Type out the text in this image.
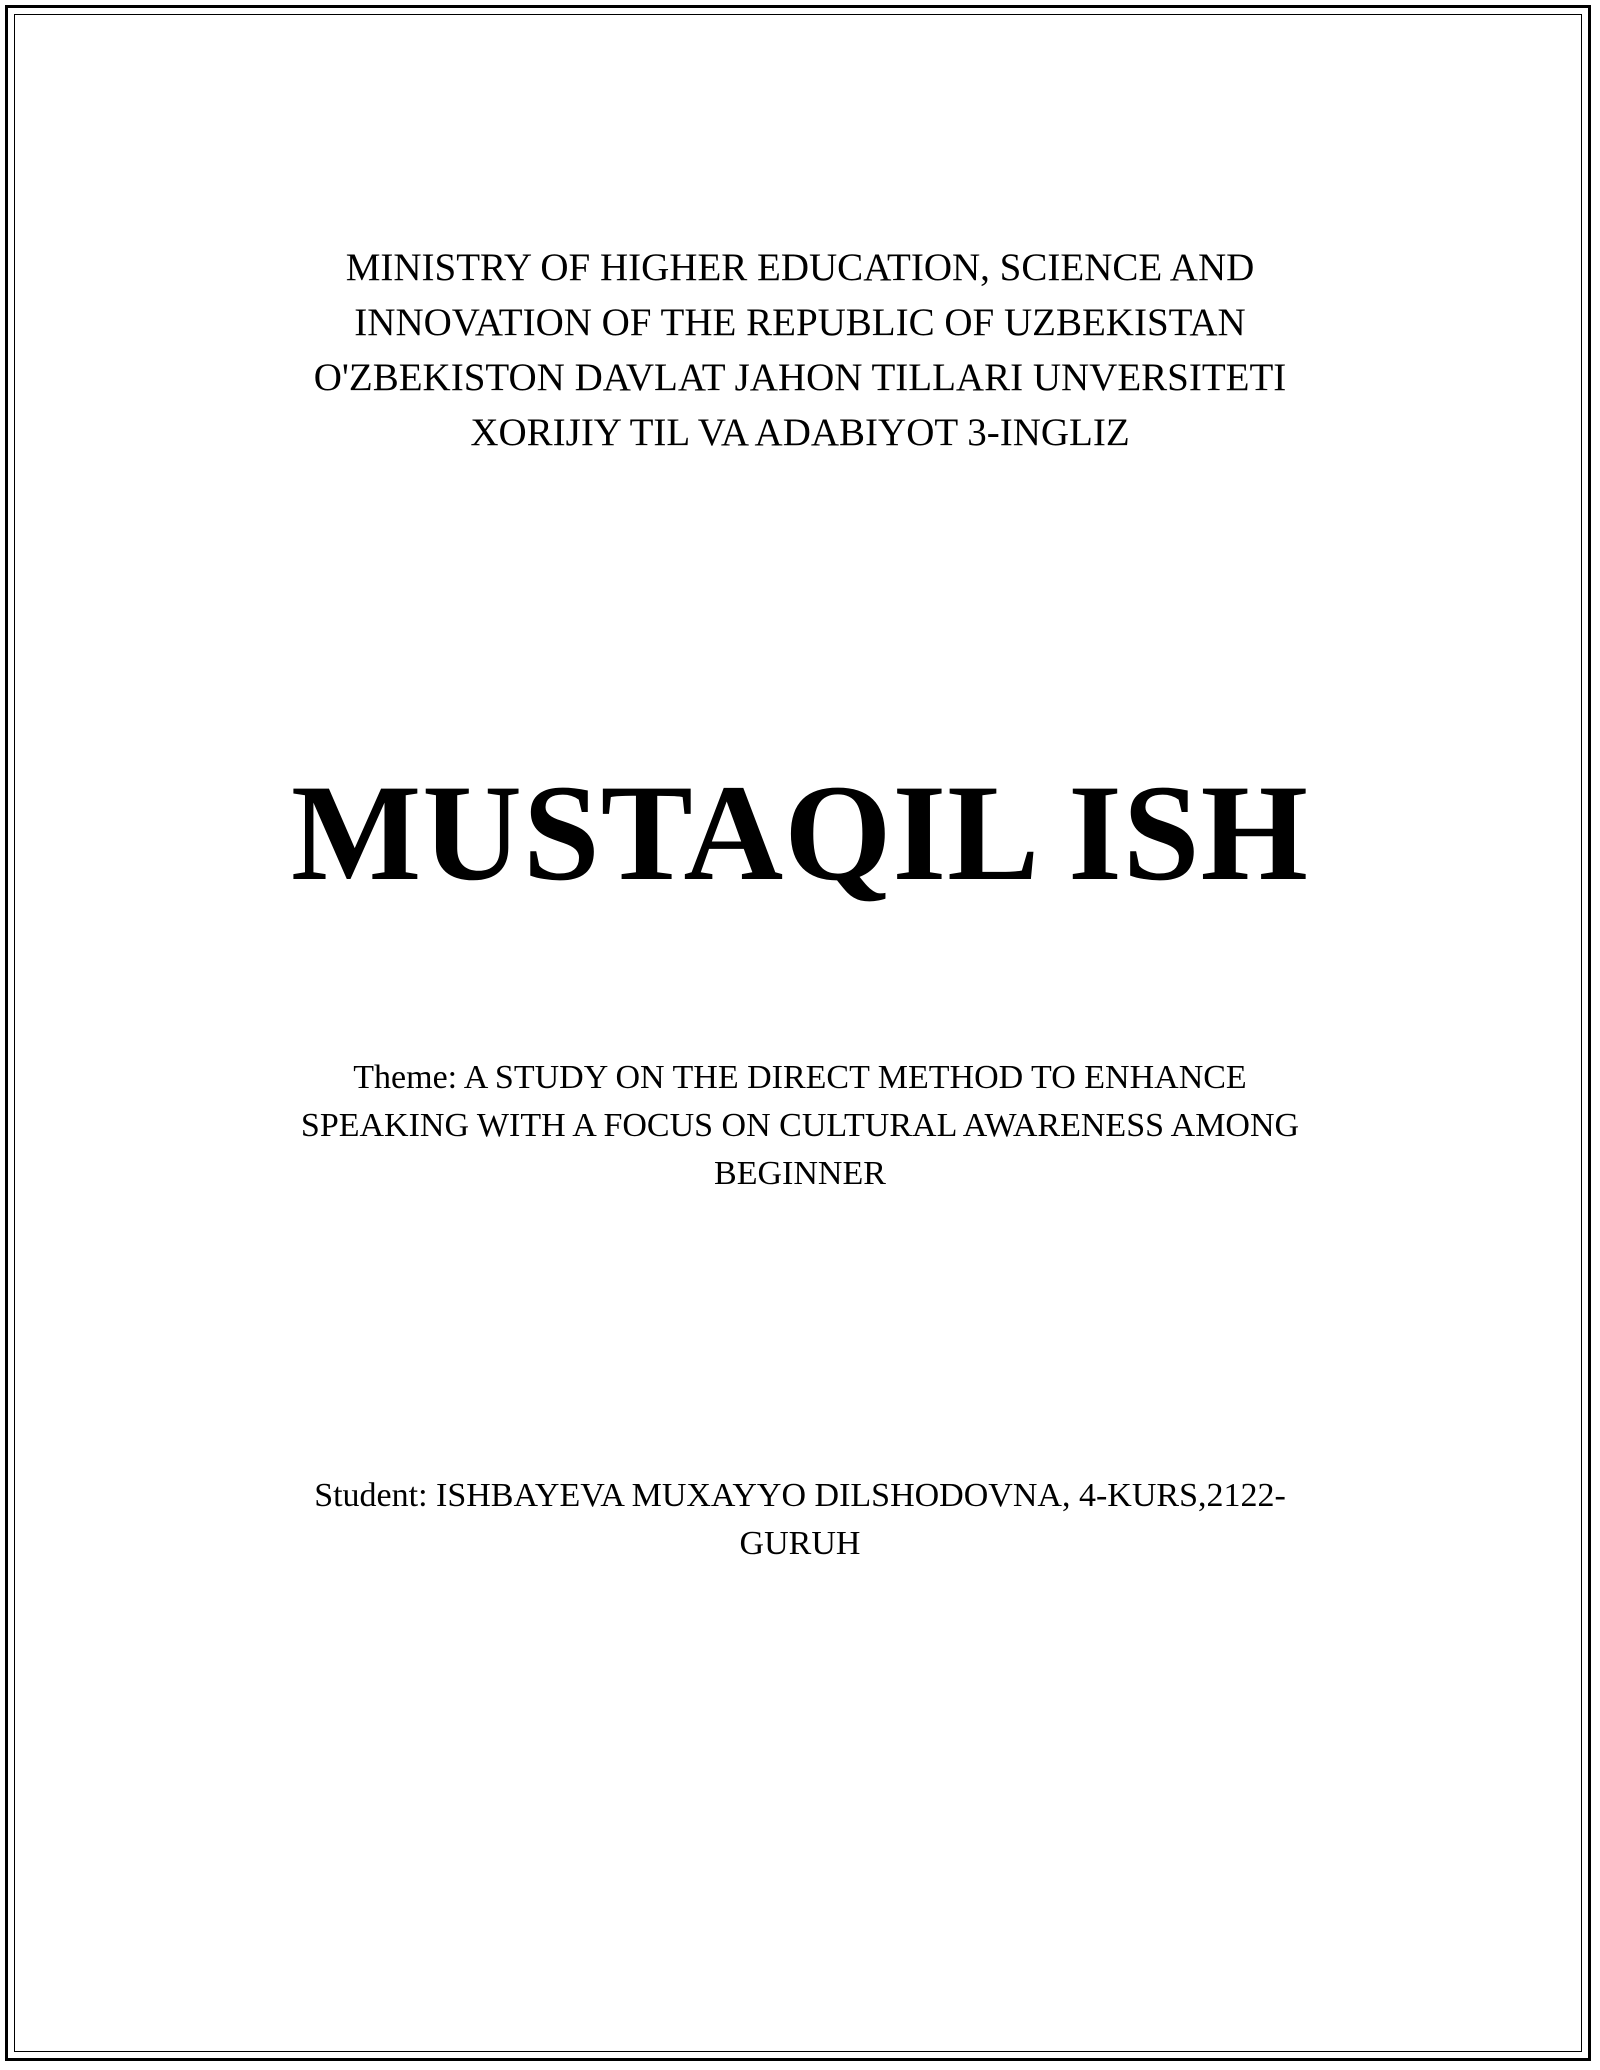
MINISTRY OF HIGHER EDUCATION, SCIENCE AND
INNOVATION OF THE REPUBLIC OF UZBEKISTAN
O'ZBEKISTON DAVLAT JAHON TILLARI UNVERSITETI
XORIJIY TIL VA ADABIYOT 3-INGLIZ
MUSTAQIL ISH
Theme: A STUDY ON THE DIRECT METHOD TO ENHANCE
SPEAKING WITH A FOCUS ON CULTURAL AWARENESS AMONG
BEGINNER
Student: ISHBAYEVA MUXAYYO DILSHODOVNA, 4-KURS,2122-
GURUH
